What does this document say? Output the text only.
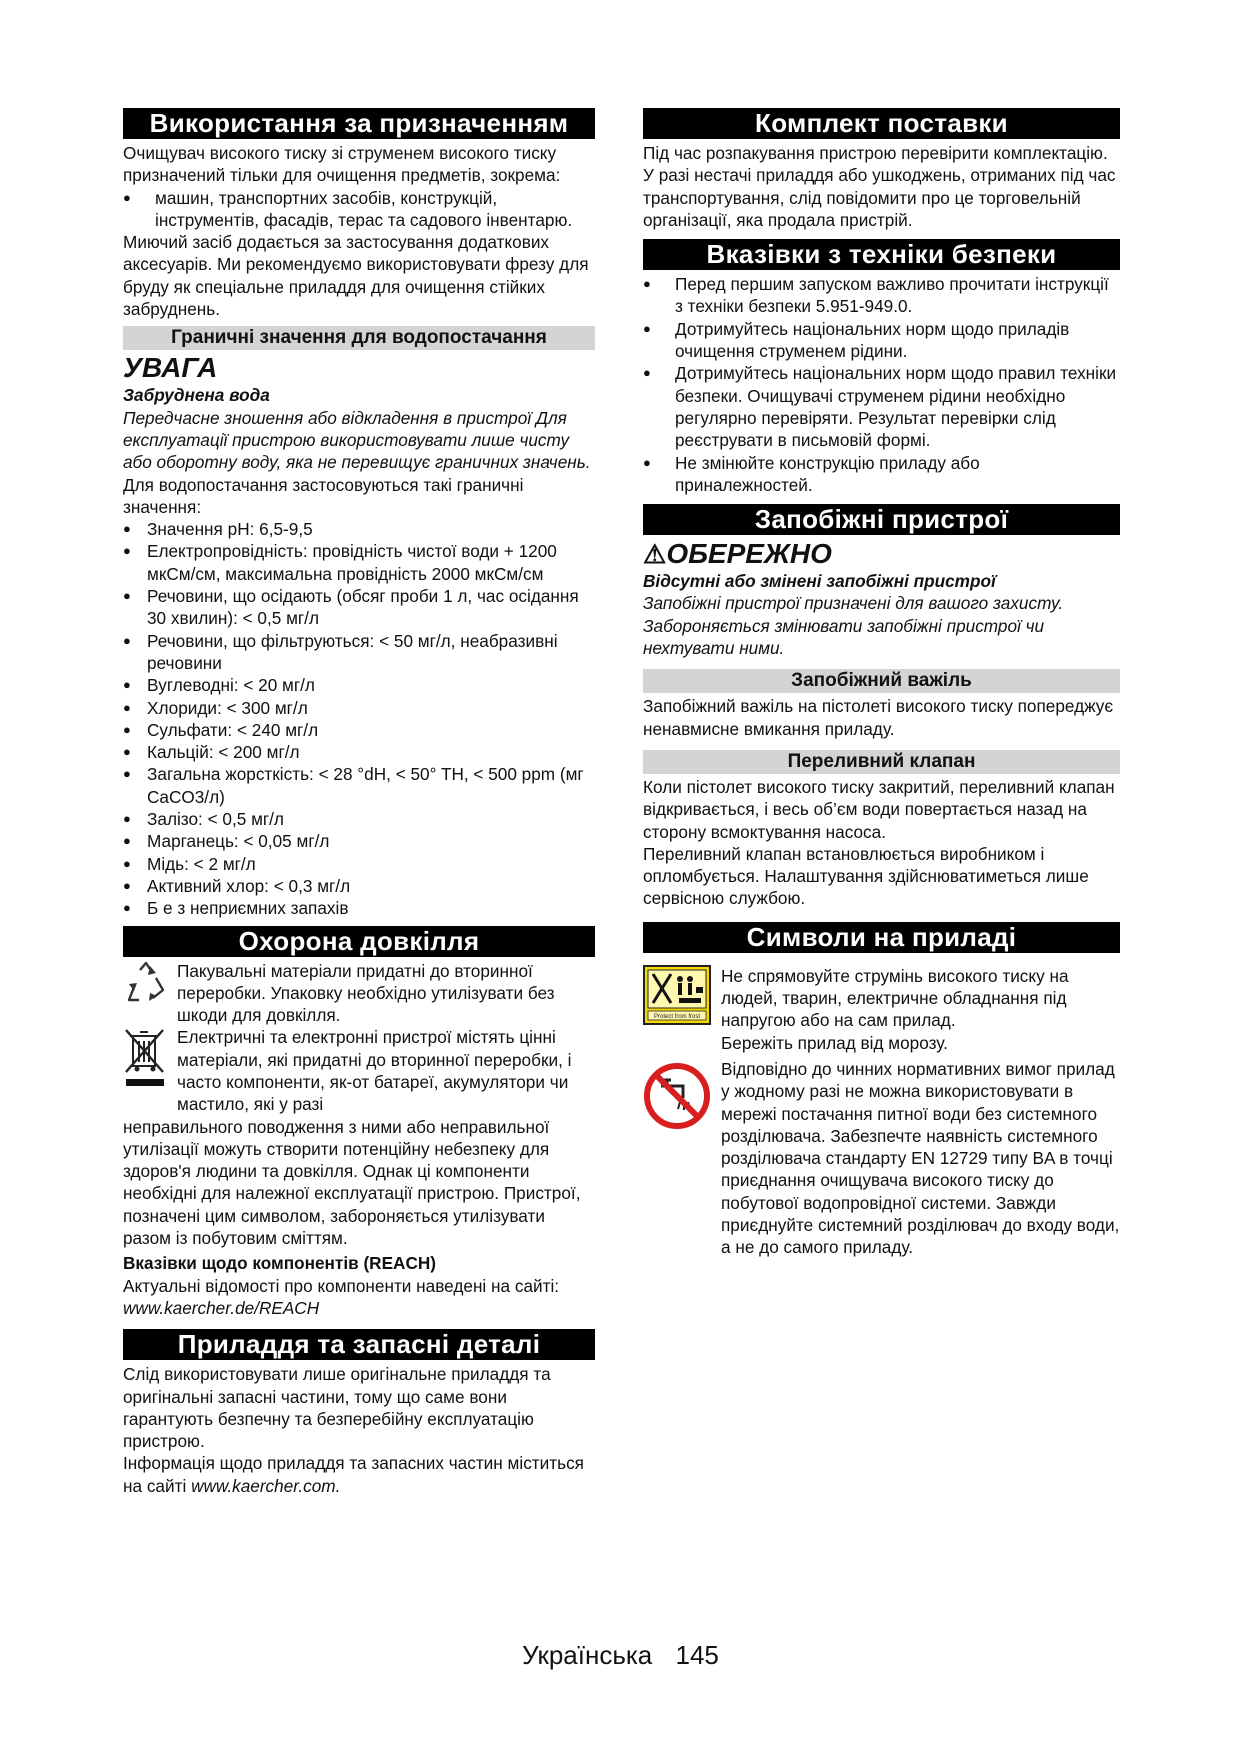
Використання за призначенням

Очищувач високого тиску зі струменем високого тиску призначений тільки для очищення предметів, зокрема:

● машин, транспортних засобів, конструкцій, інструментів, фасадів, терас та садового інвентарю.

Миючий засіб додається за застосування додаткових аксесуарів. Ми рекомендуємо використовувати фрезу для бруду як спеціальне приладдя для очищення стійких забруднень.

Граничні значення для водопостачання
УВАГА

Забруднена вода

Передчасне зношення або відкладення в пристрої Для експлуатації пристрою використовувати лише чисту або оборотну воду, яка не перевищує граничних значень.

Для водопостачання застосовуються такі граничні значення:

● Значення pH: 6,5-9,5
● Електропровідність: провідність чистої води + 1200 мкСм/см, максимальна провідність 2000 мкСм/см
● Речовини, що осідають (обсяг проби 1 л, час осідання 30 хвилин): < 0,5 мг/л
● Речовини, що фільтруються: < 50 мг/л, неабразивні речовини
● Вуглеводні: < 20 мг/л
● Хлориди: < 300 мг/л
● Сульфати: < 240 мг/л
● Кальцій: < 200 мг/л
● Загальна жорсткість: < 28 °dH, < 50° TH, < 500 ppm (мг CaCO3/л)
● Залізо: < 0,5 мг/л
● Марганець: < 0,05 мг/л
● Мідь: < 2 мг/л
● Активний хлор: < 0,3 мг/л
● Б е з неприємних запахів
Охорона довкілля

Пакувальні матеріали придатні до вторинної переробки. Упаковку необхідно утилізувати без шкоди для довкілля.

Електричні та електронні пристрої містять цінні матеріали, які придатні до вторинної переробки, і часто компоненти, як-от батареї, акумулятори чи мастило, які у разі

неправильного поводження з ними або неправильної утилізації можуть створити потенційну небезпеку для здоров'я людини та довкілля. Однак ці компоненти необхідні для належної експлуатації пристрою. Пристрої, позначені цим символом, забороняється утилізувати разом із побутовим сміттям.

Вказівки щодо компонентів (REACH)

Актуальні відомості про компоненти наведені на сайті: www.kaercher.de/REACH

Приладдя та запасні деталі

Слід використовувати лише оригінальне приладдя та оригінальні запасні частини, тому що саме вони гарантують безпечну та безперебійну експлуатацію пристрою.

Інформація щодо приладдя та запасних частин міститься на сайті www.kaercher.com.

Комплект поставки

Під час розпакування пристрою перевірити комплектацію. У разі нестачі приладдя або ушкоджень, отриманих під час транспортування, слід повідомити про це торговельній організації, яка продала пристрій.

Вказівки з техніки безпеки
● Перед першим запуском важливо прочитати інструкції з техніки безпеки 5.951-949.0.
● Дотримуйтесь національних норм щодо приладів очищення струменем рідини.
● Дотримуйтесь національних норм щодо правил техніки безпеки. Очищувачі струменем рідини необхідно регулярно перевіряти. Результат перевірки слід реєструвати в письмовій формі.
● Не змінюйте конструкцію приладу або приналежностей.
Запобіжні пристрої
⚠ОБЕРЕЖНО

Відсутні або змінені запобіжні пристрої

Запобіжні пристрої призначені для вашого захисту. Забороняється змінювати запобіжні пристрої чи нехтувати ними.

Запобіжний важіль

Запобіжний важіль на пістолеті високого тиску попереджує ненавмисне вмикання приладу.

Переливний клапан

Коли пістолет високого тиску закритий, переливний клапан відкривається, і весь об’єм води повертається назад на сторону всмоктування насоса.

Переливний клапан встановлюється виробником і опломбується. Налаштування здійснюватиметься лише сервісною службою.

Символи на приладі
Protect from frost

Не спрямовуйте струмінь високого тиску на людей, тварин, електричне обладнання під напругою або на сам прилад.

Бережіть прилад від морозу.

Відповідно до чинних нормативних вимог прилад у жодному разі не можна використовувати в мережі постачання питної води без системного розділювача. Забезпечте наявність системного розділювача стандарту EN 12729 типу BA в точці приєднання очищувача високого тиску до побутової водопровідної системи. Завжди приєднуйте системний розділювач до входу води, а не до самого приладу.

Українська 145
